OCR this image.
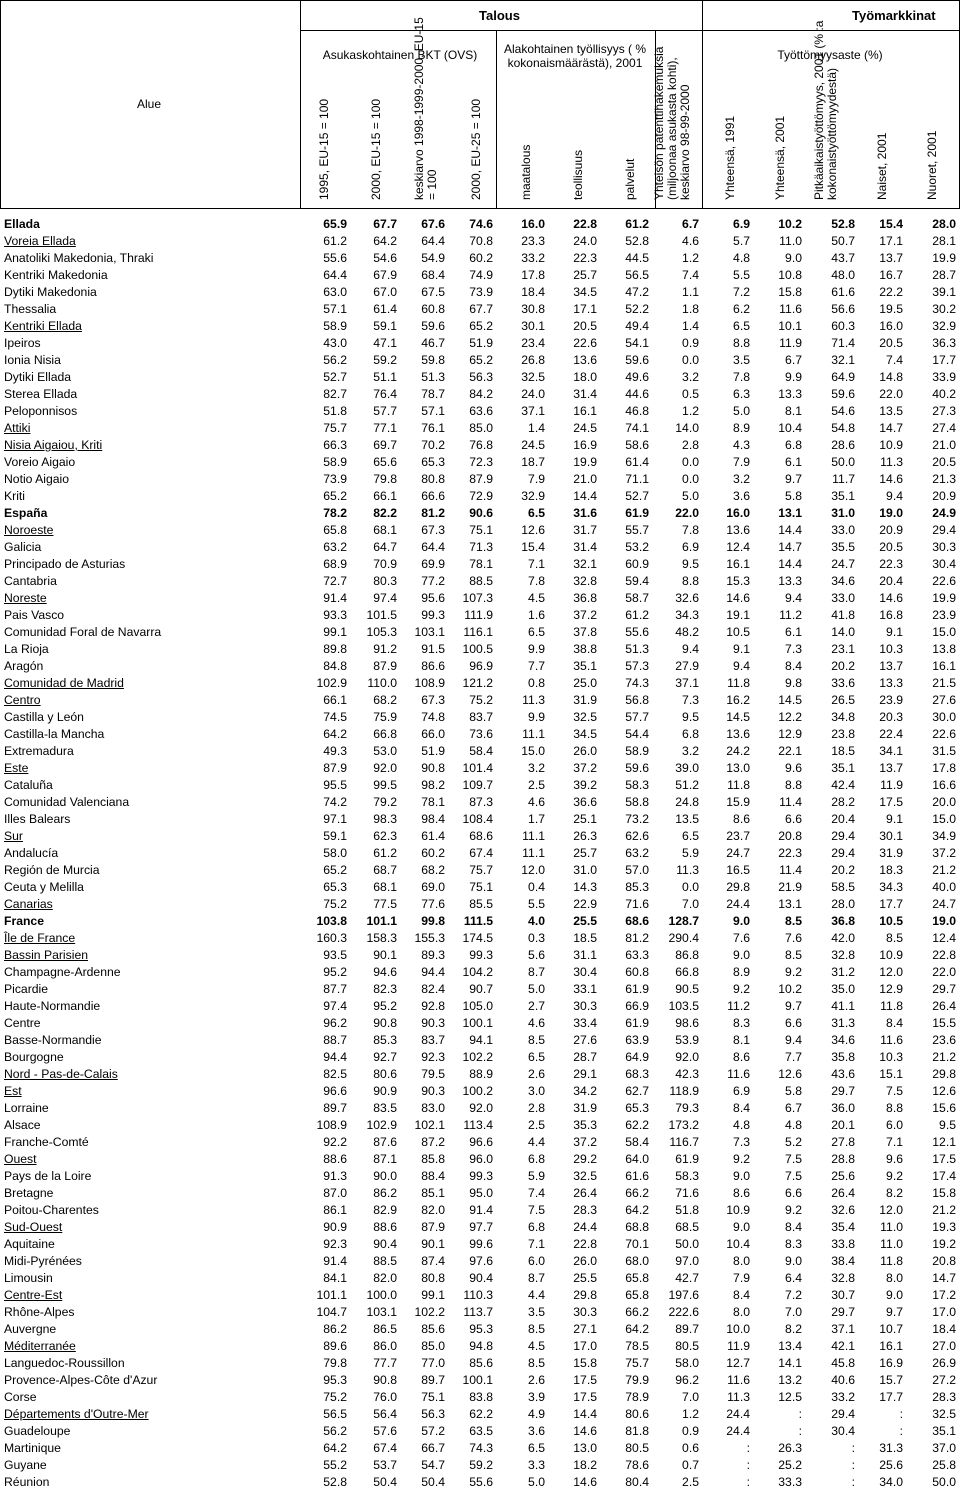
Talous	Työmarkkinat
Alue
Asukaskohtainen BKT (OVS)	Alakohtainen työllisyys ( % kokonaismäärästä), 2001
Työttömyysaste (%)
1995, EU-15 = 100	2000, EU-15 = 100	keskiarvo 1998-1999-2000, EU-15 = 100	2000, EU-25 = 100	maatalous	teollisuus	palvelut	Yhteisön patenttihakemuksia (miljoonaa asukasta kohti), keskiarvo 98-99-2000	Yhteensä, 1991	Yhteensä, 2001	Pitkäaikaistyöttömyys, 2001 (% :a kokonaistyöttömyydestä)	Naiset, 2001	Nuoret, 2001
Ellada	65.9	67.7	67.6	74.6	16.0	22.8	61.2	6.7	6.9	10.2	52.8	15.4	28.0
Voreia Ellada	61.2	64.2	64.4	70.8	23.3	24.0	52.8	4.6	5.7	11.0	50.7	17.1	28.1
Anatoliki Makedonia, Thraki	55.6	54.6	54.9	60.2	33.2	22.3	44.5	1.2	4.8	9.0	43.7	13.7	19.9
Kentriki Makedonia	64.4	67.9	68.4	74.9	17.8	25.7	56.5	7.4	5.5	10.8	48.0	16.7	28.7
Dytiki Makedonia	63.0	67.0	67.5	73.9	18.4	34.5	47.2	1.1	7.2	15.8	61.6	22.2	39.1
Thessalia	57.1	61.4	60.8	67.7	30.8	17.1	52.2	1.8	6.2	11.6	56.6	19.5	30.2
Kentriki Ellada	58.9	59.1	59.6	65.2	30.1	20.5	49.4	1.4	6.5	10.1	60.3	16.0	32.9
Ipeiros	43.0	47.1	46.7	51.9	23.4	22.6	54.1	0.9	8.8	11.9	71.4	20.5	36.3
Ionia Nisia	56.2	59.2	59.8	65.2	26.8	13.6	59.6	0.0	3.5	6.7	32.1	7.4	17.7
Dytiki Ellada	52.7	51.1	51.3	56.3	32.5	18.0	49.6	3.2	7.8	9.9	64.9	14.8	33.9
Sterea Ellada	82.7	76.4	78.7	84.2	24.0	31.4	44.6	0.5	6.3	13.3	59.6	22.0	40.2
Peloponnisos	51.8	57.7	57.1	63.6	37.1	16.1	46.8	1.2	5.0	8.1	54.6	13.5	27.3
Attiki	75.7	77.1	76.1	85.0	1.4	24.5	74.1	14.0	8.9	10.4	54.8	14.7	27.4
Nisia Aigaiou, Kriti	66.3	69.7	70.2	76.8	24.5	16.9	58.6	2.8	4.3	6.8	28.6	10.9	21.0
Voreio Aigaio	58.9	65.6	65.3	72.3	18.7	19.9	61.4	0.0	7.9	6.1	50.0	11.3	20.5
Notio Aigaio	73.9	79.8	80.8	87.9	7.9	21.0	71.1	0.0	3.2	9.7	11.7	14.6	21.3
Kriti	65.2	66.1	66.6	72.9	32.9	14.4	52.7	5.0	3.6	5.8	35.1	9.4	20.9
España	78.2	82.2	81.2	90.6	6.5	31.6	61.9	22.0	16.0	13.1	31.0	19.0	24.9
Noroeste	65.8	68.1	67.3	75.1	12.6	31.7	55.7	7.8	13.6	14.4	33.0	20.9	29.4
Galicia	63.2	64.7	64.4	71.3	15.4	31.4	53.2	6.9	12.4	14.7	35.5	20.5	30.3
Principado de Asturias	68.9	70.9	69.9	78.1	7.1	32.1	60.9	9.5	16.1	14.4	24.7	22.3	30.4
Cantabria	72.7	80.3	77.2	88.5	7.8	32.8	59.4	8.8	15.3	13.3	34.6	20.4	22.6
Noreste	91.4	97.4	95.6	107.3	4.5	36.8	58.7	32.6	14.6	9.4	33.0	14.6	19.9
Pais Vasco	93.3	101.5	99.3	111.9	1.6	37.2	61.2	34.3	19.1	11.2	41.8	16.8	23.9
Comunidad Foral de Navarra	99.1	105.3	103.1	116.1	6.5	37.8	55.6	48.2	10.5	6.1	14.0	9.1	15.0
La Rioja	89.8	91.2	91.5	100.5	9.9	38.8	51.3	9.4	9.1	7.3	23.1	10.3	13.8
Aragón	84.8	87.9	86.6	96.9	7.7	35.1	57.3	27.9	9.4	8.4	20.2	13.7	16.1
Comunidad de Madrid	102.9	110.0	108.9	121.2	0.8	25.0	74.3	37.1	11.8	9.8	33.6	13.3	21.5
Centro	66.1	68.2	67.3	75.2	11.3	31.9	56.8	7.3	16.2	14.5	26.5	23.9	27.6
Castilla y León	74.5	75.9	74.8	83.7	9.9	32.5	57.7	9.5	14.5	12.2	34.8	20.3	30.0
Castilla-la Mancha	64.2	66.8	66.0	73.6	11.1	34.5	54.4	6.8	13.6	12.9	23.8	22.4	22.6
Extremadura	49.3	53.0	51.9	58.4	15.0	26.0	58.9	3.2	24.2	22.1	18.5	34.1	31.5
Este	87.9	92.0	90.8	101.4	3.2	37.2	59.6	39.0	13.0	9.6	35.1	13.7	17.8
Cataluña	95.5	99.5	98.2	109.7	2.5	39.2	58.3	51.2	11.8	8.8	42.4	11.9	16.6
Comunidad Valenciana	74.2	79.2	78.1	87.3	4.6	36.6	58.8	24.8	15.9	11.4	28.2	17.5	20.0
Illes Balears	97.1	98.3	98.4	108.4	1.7	25.1	73.2	13.5	8.6	6.6	20.4	9.1	15.0
Sur	59.1	62.3	61.4	68.6	11.1	26.3	62.6	6.5	23.7	20.8	29.4	30.1	34.9
Andalucía	58.0	61.2	60.2	67.4	11.1	25.7	63.2	5.9	24.7	22.3	29.4	31.9	37.2
Región de Murcia	65.2	68.7	68.2	75.7	12.0	31.0	57.0	11.3	16.5	11.4	20.2	18.3	21.2
Ceuta y Melilla	65.3	68.1	69.0	75.1	0.4	14.3	85.3	0.0	29.8	21.9	58.5	34.3	40.0
Canarias	75.2	77.5	77.6	85.5	5.5	22.9	71.6	7.0	24.4	13.1	28.0	17.7	24.7
France	103.8	101.1	99.8	111.5	4.0	25.5	68.6	128.7	9.0	8.5	36.8	10.5	19.0
Île de France	160.3	158.3	155.3	174.5	0.3	18.5	81.2	290.4	7.6	7.6	42.0	8.5	12.4
Bassin Parisien	93.5	90.1	89.3	99.3	5.6	31.1	63.3	86.8	9.0	8.5	32.8	10.9	22.8
Champagne-Ardenne	95.2	94.6	94.4	104.2	8.7	30.4	60.8	66.8	8.9	9.2	31.2	12.0	22.0
Picardie	87.7	82.3	82.4	90.7	5.0	33.1	61.9	90.5	9.2	10.2	35.0	12.9	29.7
Haute-Normandie	97.4	95.2	92.8	105.0	2.7	30.3	66.9	103.5	11.2	9.7	41.1	11.8	26.4
Centre	96.2	90.8	90.3	100.1	4.6	33.4	61.9	98.6	8.3	6.6	31.3	8.4	15.5
Basse-Normandie	88.7	85.3	83.7	94.1	8.5	27.6	63.9	53.9	8.1	9.4	34.6	11.6	23.6
Bourgogne	94.4	92.7	92.3	102.2	6.5	28.7	64.9	92.0	8.6	7.7	35.8	10.3	21.2
Nord - Pas-de-Calais	82.5	80.6	79.5	88.9	2.6	29.1	68.3	42.3	11.6	12.6	43.6	15.1	29.8
Est	96.6	90.9	90.3	100.2	3.0	34.2	62.7	118.9	6.9	5.8	29.7	7.5	12.6
Lorraine	89.7	83.5	83.0	92.0	2.8	31.9	65.3	79.3	8.4	6.7	36.0	8.8	15.6
Alsace	108.9	102.9	102.1	113.4	2.5	35.3	62.2	173.2	4.8	4.8	20.1	6.0	9.5
Franche-Comté	92.2	87.6	87.2	96.6	4.4	37.2	58.4	116.7	7.3	5.2	27.8	7.1	12.1
Ouest	88.6	87.1	85.8	96.0	6.8	29.2	64.0	61.9	9.2	7.5	28.8	9.6	17.5
Pays de la Loire	91.3	90.0	88.4	99.3	5.9	32.5	61.6	58.3	9.0	7.5	25.6	9.2	17.4
Bretagne	87.0	86.2	85.1	95.0	7.4	26.4	66.2	71.6	8.6	6.6	26.4	8.2	15.8
Poitou-Charentes	86.1	82.9	82.0	91.4	7.5	28.3	64.2	51.8	10.9	9.2	32.6	12.0	21.2
Sud-Ouest	90.9	88.6	87.9	97.7	6.8	24.4	68.8	68.5	9.0	8.4	35.4	11.0	19.3
Aquitaine	92.3	90.4	90.1	99.6	7.1	22.8	70.1	50.0	10.4	8.3	33.8	11.0	19.2
Midi-Pyrénées	91.4	88.5	87.4	97.6	6.0	26.0	68.0	97.0	8.0	9.0	38.4	11.8	20.8
Limousin	84.1	82.0	80.8	90.4	8.7	25.5	65.8	42.7	7.9	6.4	32.8	8.0	14.7
Centre-Est	101.1	100.0	99.1	110.3	4.4	29.8	65.8	197.6	8.4	7.2	30.7	9.0	17.2
Rhône-Alpes	104.7	103.1	102.2	113.7	3.5	30.3	66.2	222.6	8.0	7.0	29.7	9.7	17.0
Auvergne	86.2	86.5	85.6	95.3	8.5	27.1	64.2	89.7	10.0	8.2	37.1	10.7	18.4
Méditerranée	89.6	86.0	85.0	94.8	4.5	17.0	78.5	80.5	11.9	13.4	42.1	16.1	27.0
Languedoc-Roussillon	79.8	77.7	77.0	85.6	8.5	15.8	75.7	58.0	12.7	14.1	45.8	16.9	26.9
Provence-Alpes-Côte d'Azur	95.3	90.8	89.7	100.1	2.6	17.5	79.9	96.2	11.6	13.2	40.6	15.7	27.2
Corse	75.2	76.0	75.1	83.8	3.9	17.5	78.9	7.0	11.3	12.5	33.2	17.7	28.3
Départements d'Outre-Mer	56.5	56.4	56.3	62.2	4.9	14.4	80.6	1.2	24.4	:	29.4	:	32.5
Guadeloupe	56.2	57.6	57.2	63.5	3.6	14.6	81.8	0.9	24.4	:	30.4	:	35.1
Martinique	64.2	67.4	66.7	74.3	6.5	13.0	80.5	0.6	:	26.3	:	31.3	37.0
Guyane	55.2	53.7	54.7	59.2	3.3	18.2	78.6	0.7	:	25.2	:	25.6	25.8
Réunion	52.8	50.4	50.4	55.6	5.0	14.6	80.4	2.5	:	33.3	:	34.0	50.0
